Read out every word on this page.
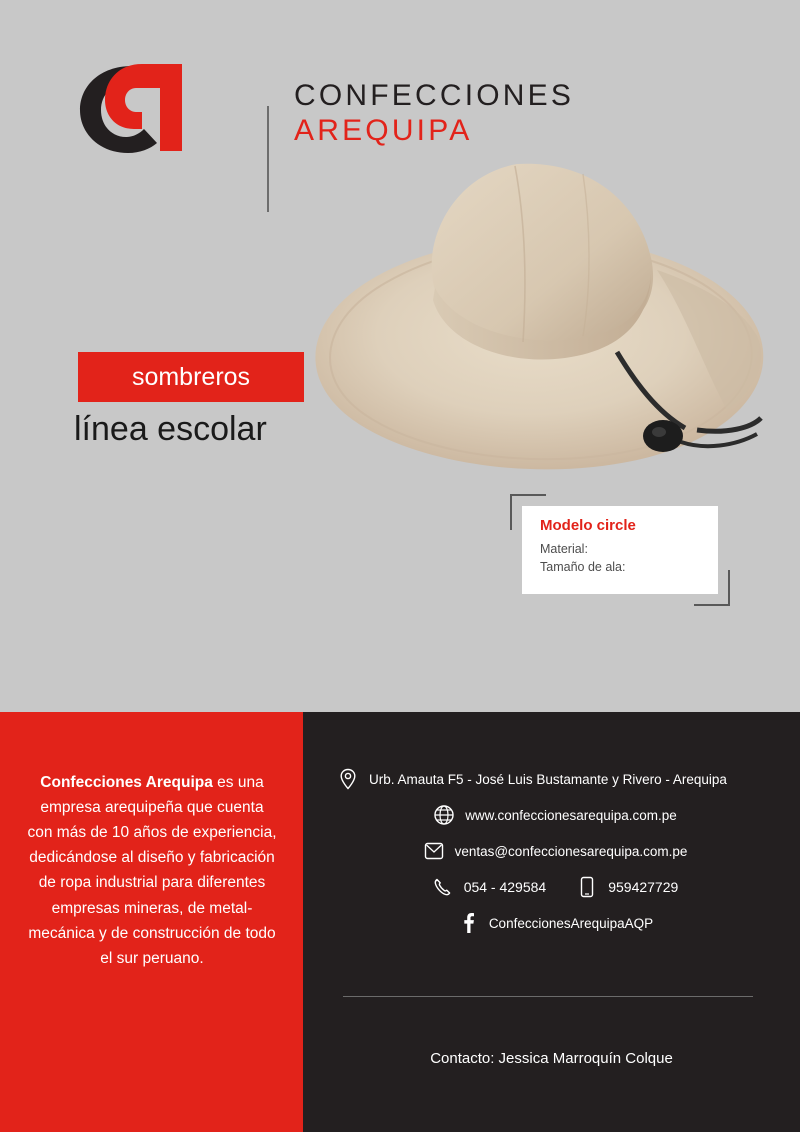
CONFECCIONES
AREQUIPA
sombreros
línea escolar
Modelo circle
Material:
Tamaño de ala:
Confecciones Arequipa es una empresa arequipeña que cuenta con más de 10 años de experiencia, dedicándose al diseño y fabricación de ropa industrial para diferentes empresas mineras, de metal-mecánica y de construcción de todo el sur peruano.
Urb. Amauta F5 - José Luis Bustamante y Rivero - Arequipa
www.confeccionesarequipa.com.pe
ventas@confeccionesarequipa.com.pe
054 - 429584	959427729
ConfeccionesArequipaAQP
Contacto: Jessica Marroquín Colque
